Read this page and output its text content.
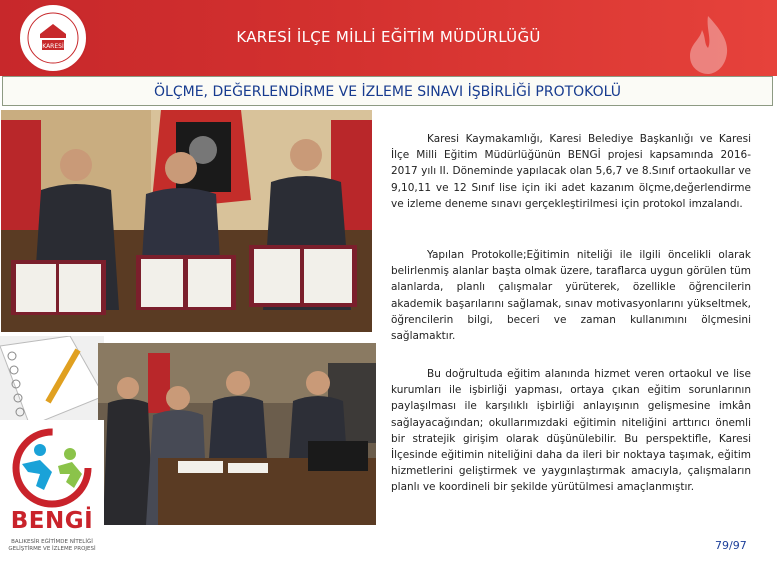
KARESİ
KARESİ İLÇE MİLLİ EĞİTİM MÜDÜRLÜĞÜ
ÖLÇME, DEĞERLENDİRME VE İZLEME SINAVI İŞBİRLİĞİ PROTOKOLÜ
BENGİ
BALIKESİR EĞİTİMDE NİTELİĞİ GELİŞTİRME VE İZLEME PROJESİ

Karesi Kaymakamlığı, Karesi Belediye Başkanlığı ve Karesi İlçe Milli Eğitim Müdürlüğünün BENGİ projesi kapsamında 2016-2017 yılı II. Döneminde yapılacak olan 5,6,7 ve 8.Sınıf ortaokullar ve 9,10,11 ve 12 Sınıf lise için iki adet kazanım ölçme,değerlendirme ve izleme deneme sınavı gerçekleştirilmesi için protokol imzalandı.

Yapılan Protokolle;Eğitimin niteliği ile ilgili öncelikli olarak belirlenmiş alanlar başta olmak üzere, taraflarca uygun görülen tüm alanlarda, planlı çalışmalar yürüterek, özellikle öğrencilerin akademik başarılarını sağlamak, sınav motivasyonlarını yükseltmek, öğrencilerin bilgi, beceri ve zaman kullanımını ölçmesini sağlamaktır.

Bu doğrultuda eğitim alanında hizmet veren ortaokul ve lise kurumları ile işbirliği yapması, ortaya çıkan eğitim sorunlarının paylaşılması ile karşılıklı işbirliği anlayışının gelişmesine imkân sağlayacağından; okullarımızdaki eğitimin niteliğini arttırıcı önemli bir stratejik girişim olarak düşünülebilir. Bu perspektifle, Karesi İlçesinde eğitimin niteliğini daha da ileri bir noktaya taşımak, eğitim hizmetlerini geliştirmek ve yaygınlaştırmak amacıyla, çalışmaların planlı ve koordineli bir şekilde yürütülmesi amaçlanmıştır.

79/97
